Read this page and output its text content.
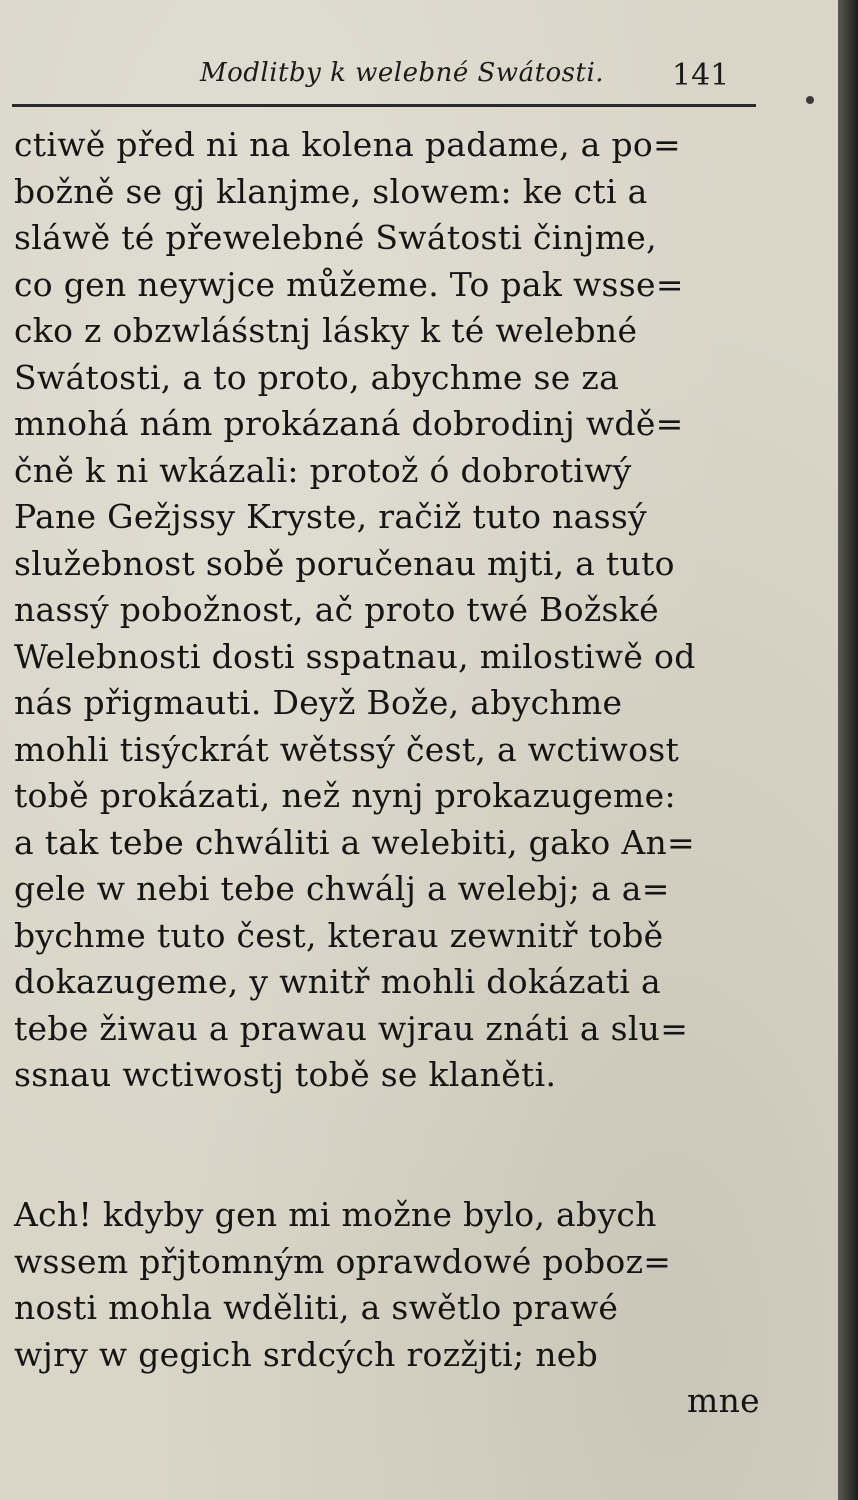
Modlitby k welebné Swátosti. 141
ctiwě před ni na kolena padame, a po=
božně se gj klanjme, slowem: ke cti a
sláwě té přewelebné Swátosti činjme,
co gen neywjce můžeme. To pak wsse=
cko z obzwláśstnj lásky k té welebné
Swátosti, a to proto, abychme se za
mnohá nám prokázaná dobrodinj wdě=
čně k ni wkázali: protož ó dobrotiwý
Pane Gežjssy Kryste, račiž tuto nassý
služebnost sobě poručenau mjti, a tuto
nassý pobožnost, ač proto twé Božské
Welebnosti dosti sspatnau, milostiwě od
nás přigmauti. Deyž Bože, abychme
mohli tisýckrát wětssý čest, a wctiwost
tobě prokázati, než nynj prokazugeme:
a tak tebe chwáliti a welebiti, gako An=
gele w nebi tebe chwálj a welebj; a a=
bychme tuto čest, kterau zewnitř tobě
dokazugeme, y wnitř mohli dokázati a
tebe žiwau a prawau wjrau znáti a slu=
ssnau wctiwostj tobě se klaněti.
Ach! kdyby gen mi možne bylo, abych
wssem přjtomným oprawdowé poboz=
nosti mohla wděliti, a swětlo prawé
wjry w gegich srdcých rozžjti; neb
mne
